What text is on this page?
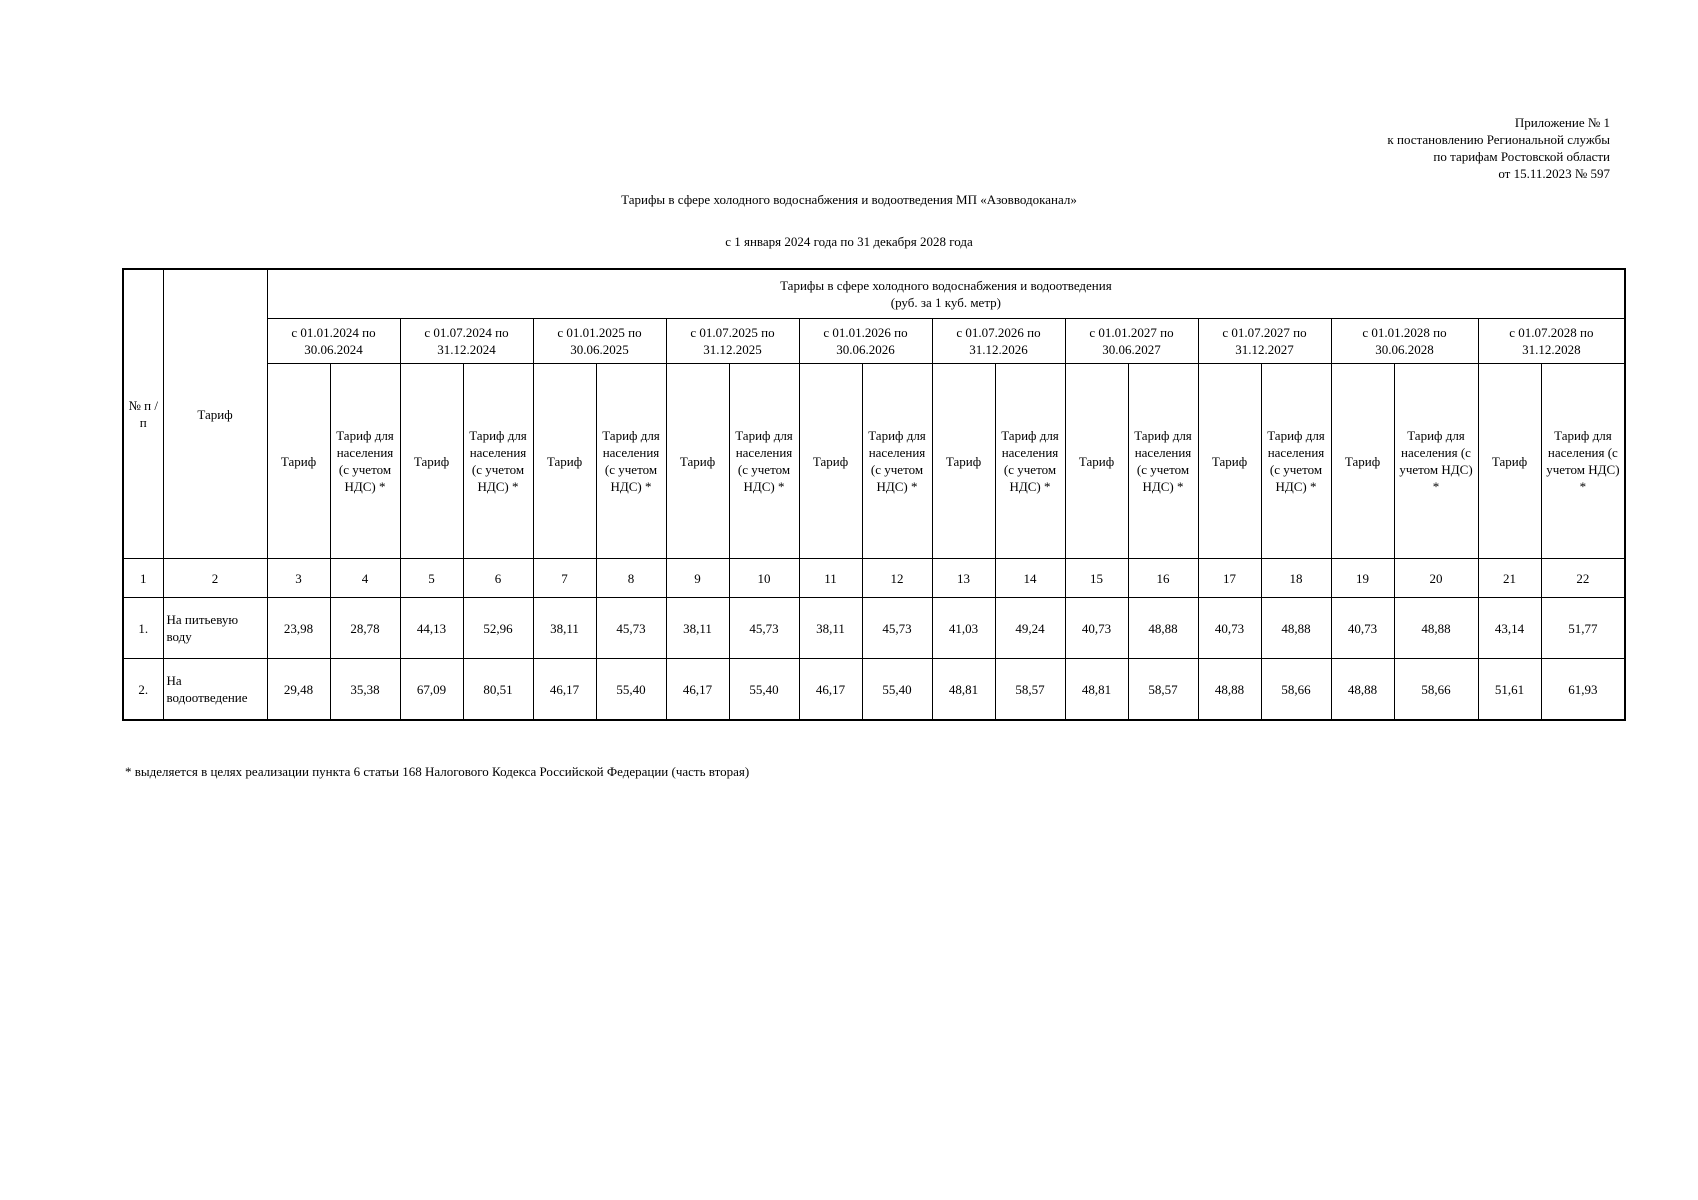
Приложение № 1
к постановлению Региональной службы
по тарифам Ростовской области
от 15.11.2023 № 597
Тарифы в сфере холодного водоснабжения и водоотведения МП «Азовводоканал»
с 1 января 2024 года по 31 декабря 2028 года
№ п /п	Тариф	Тарифы в сфере холодного водоснабжения и водоотведения
(руб. за 1 куб. метр)																			

		с 01.01.2024 по 30.06.2024		с 01.07.2024 по 31.12.2024		с 01.01.2025 по 30.06.2025		с 01.07.2025 по 31.12.2025		с 01.01.2026 по 30.06.2026		с 01.07.2026 по 31.12.2026		с 01.01.2027 по 30.06.2027		с 01.07.2027 по 31.12.2027		с 01.01.2028 по 30.06.2028		с 01.07.2028 по 31.12.2028	
		Тариф	Тариф для населения (с учетом НДС) *	Тариф	Тариф для населения (с учетом НДС) *	Тариф	Тариф для населения (с учетом НДС) *	Тариф	Тариф для населения (с учетом НДС) *	Тариф	Тариф для населения (с учетом НДС) *	Тариф	Тариф для населения (с учетом НДС) *	Тариф	Тариф для населения (с учетом НДС) *	Тариф	Тариф для населения (с учетом НДС) *	Тариф	Тариф для населения (с учетом НДС) *	Тариф	Тариф для населения (с учетом НДС) *
1	2	3	4	5	6	7	8	9	10	11	12	13	14	15	16	17	18	19	20	21	22
1.	На питьевую воду	23,98	28,78	44,13	52,96	38,11	45,73	38,11	45,73	38,11	45,73	41,03	49,24	40,73	48,88	40,73	48,88	40,73	48,88	43,14	51,77
2.	На водоотведение	29,48	35,38	67,09	80,51	46,17	55,40	46,17	55,40	46,17	55,40	48,81	58,57	48,81	58,57	48,88	58,66	48,88	58,66	51,61	61,93
* выделяется в целях реализации пункта 6 статьи 168 Налогового Кодекса Российской Федерации (часть вторая)
